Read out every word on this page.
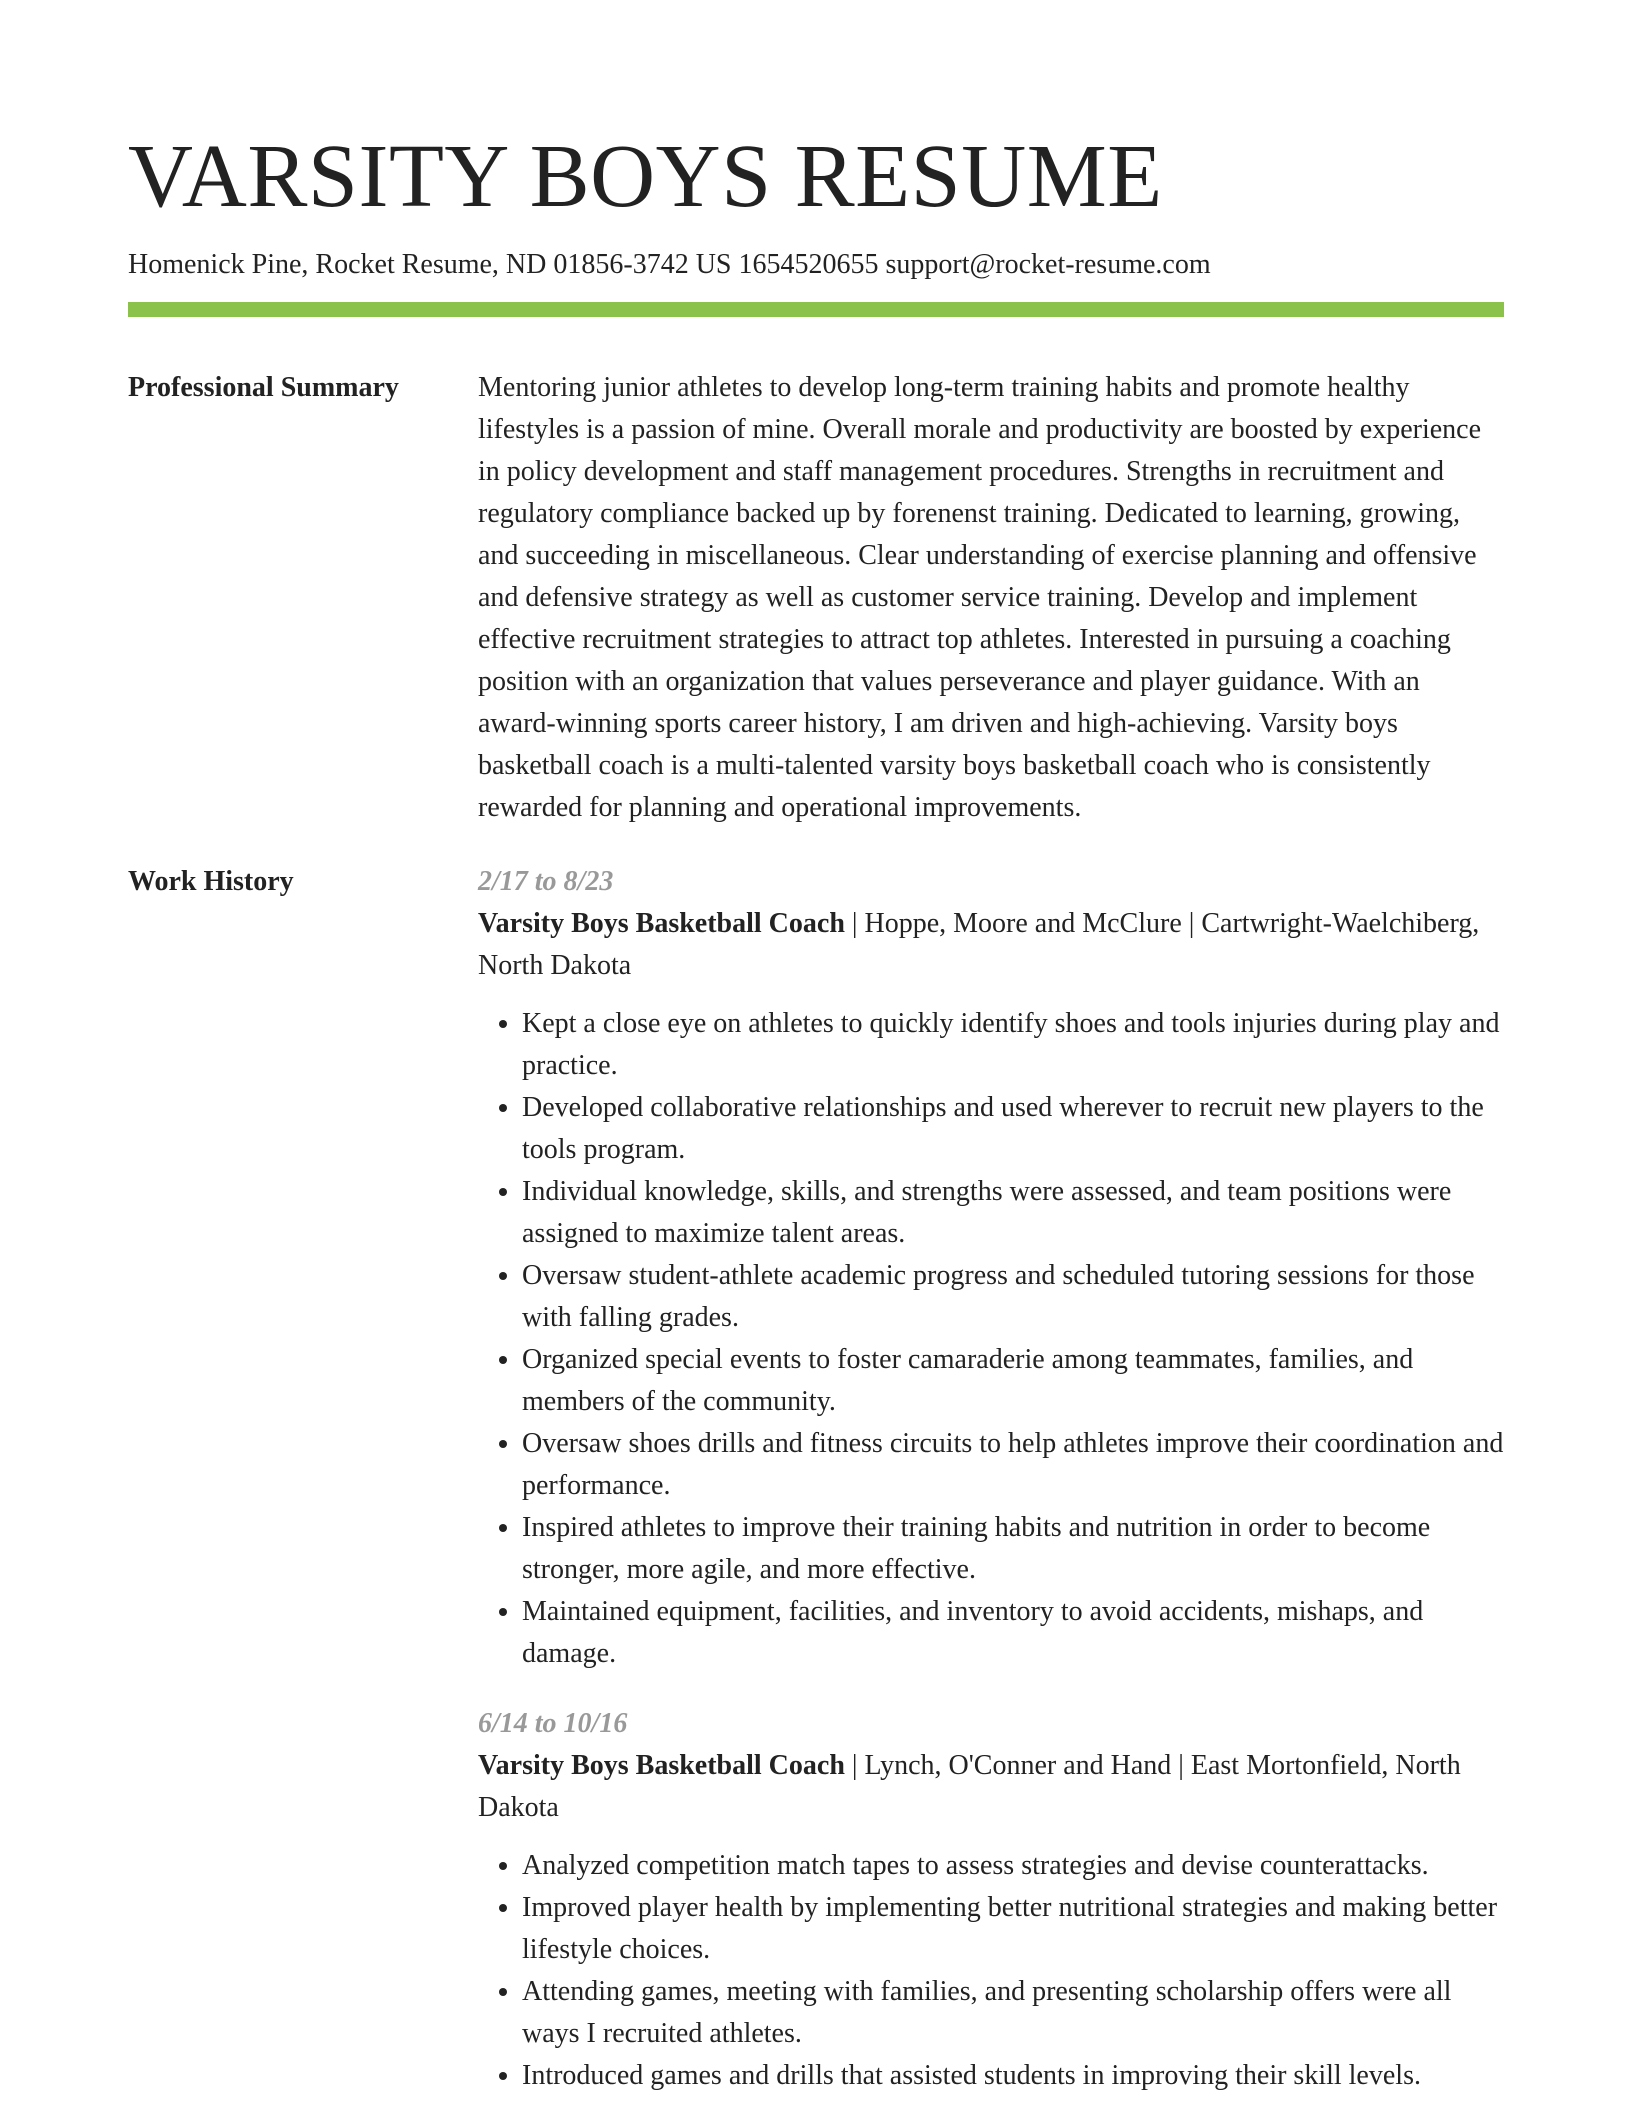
VARSITY BOYS RESUME
Homenick Pine, Rocket Resume, ND 01856-3742 US 1654520655 support@rocket-resume.com
Professional Summary	Mentoring junior athletes to develop long-term training habits and promote healthy lifestyles is a passion of mine. Overall morale and productivity are boosted by experience in policy development and staff management procedures. Strengths in recruitment and regulatory compliance backed up by forenenst training. Dedicated to learning, growing, and succeeding in miscellaneous. Clear understanding of exercise planning and offensive and defensive strategy as well as customer service training. Develop and implement effective recruitment strategies to attract top athletes. Interested in pursuing a coaching position with an organization that values perseverance and player guidance. With an award-winning sports career history, I am driven and high-achieving. Varsity boys basketball coach is a multi-talented varsity boys basketball coach who is consistently rewarded for planning and operational improvements.

Work History	2/17 to 8/23
Varsity Boys Basketball Coach | Hoppe, Moore and McClure | Cartwright-Waelchiberg, North Dakota
• Kept a close eye on athletes to quickly identify shoes and tools injuries during play and practice.
• Developed collaborative relationships and used wherever to recruit new players to the tools program.
• Individual knowledge, skills, and strengths were assessed, and team positions were assigned to maximize talent areas.
• Oversaw student-athlete academic progress and scheduled tutoring sessions for those with falling grades.
• Organized special events to foster camaraderie among teammates, families, and members of the community.
• Oversaw shoes drills and fitness circuits to help athletes improve their coordination and performance.
• Inspired athletes to improve their training habits and nutrition in order to become stronger, more agile, and more effective.
• Maintained equipment, facilities, and inventory to avoid accidents, mishaps, and damage.
6/14 to 10/16
Varsity Boys Basketball Coach | Lynch, O'Conner and Hand | East Mortonfield, North Dakota
• Analyzed competition match tapes to assess strategies and devise counterattacks.
• Improved player health by implementing better nutritional strategies and making better lifestyle choices.
• Attending games, meeting with families, and presenting scholarship offers were all ways I recruited athletes.
• Introduced games and drills that assisted students in improving their skill levels.
